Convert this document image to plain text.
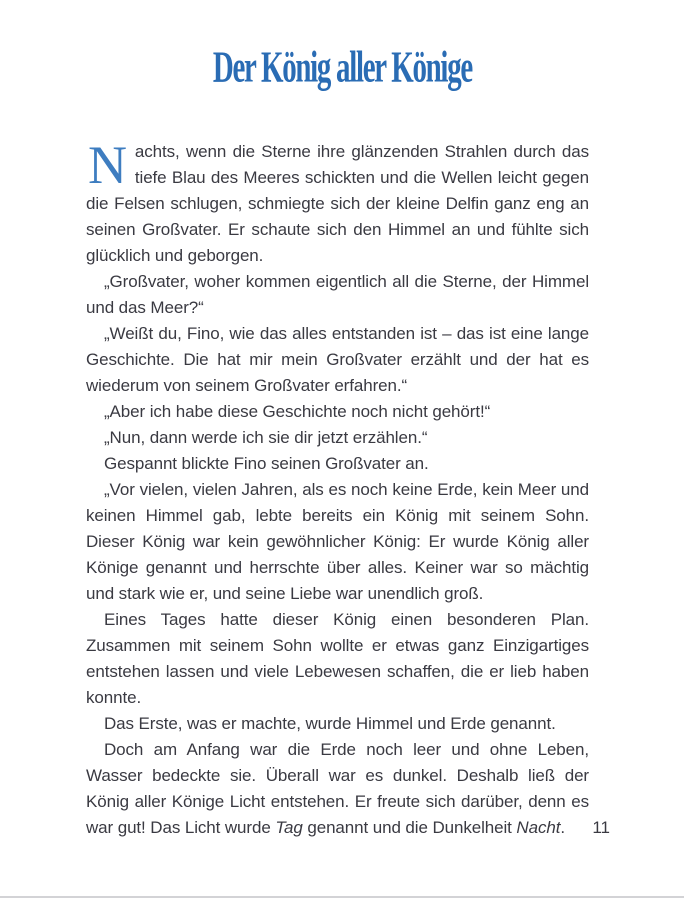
Der König aller Könige

Nachts, wenn die Sterne ihre glänzenden Strahlen durch das tiefe Blau des Meeres schickten und die Wellen leicht gegen die Felsen schlugen, schmiegte sich der kleine Delfin ganz eng an seinen Großvater. Er schaute sich den Himmel an und fühlte sich glücklich und geborgen.

„Großvater, woher kommen eigentlich all die Sterne, der Himmel und das Meer?“

„Weißt du, Fino, wie das alles entstanden ist – das ist eine lange Geschichte. Die hat mir mein Großvater erzählt und der hat es wiederum von seinem Großvater erfahren.“

„Aber ich habe diese Geschichte noch nicht gehört!“

„Nun, dann werde ich sie dir jetzt erzählen.“

Gespannt blickte Fino seinen Großvater an.

„Vor vielen, vielen Jahren, als es noch keine Erde, kein Meer und keinen Himmel gab, lebte bereits ein König mit seinem Sohn. Dieser König war kein gewöhnlicher König: Er wurde König aller Könige genannt und herrschte über alles. Keiner war so mächtig und stark wie er, und seine Liebe war unendlich groß.

Eines Tages hatte dieser König einen besonderen Plan. Zusammen mit seinem Sohn wollte er etwas ganz Einzigartiges entstehen lassen und viele Lebewesen schaffen, die er lieb haben konnte.

Das Erste, was er machte, wurde Himmel und Erde genannt.

Doch am Anfang war die Erde noch leer und ohne Leben, Wasser bedeckte sie. Überall war es dunkel. Deshalb ließ der König aller Könige Licht entstehen. Er freute sich darüber, denn es war gut! Das Licht wurde Tag genannt und die Dunkelheit Nacht.	11
